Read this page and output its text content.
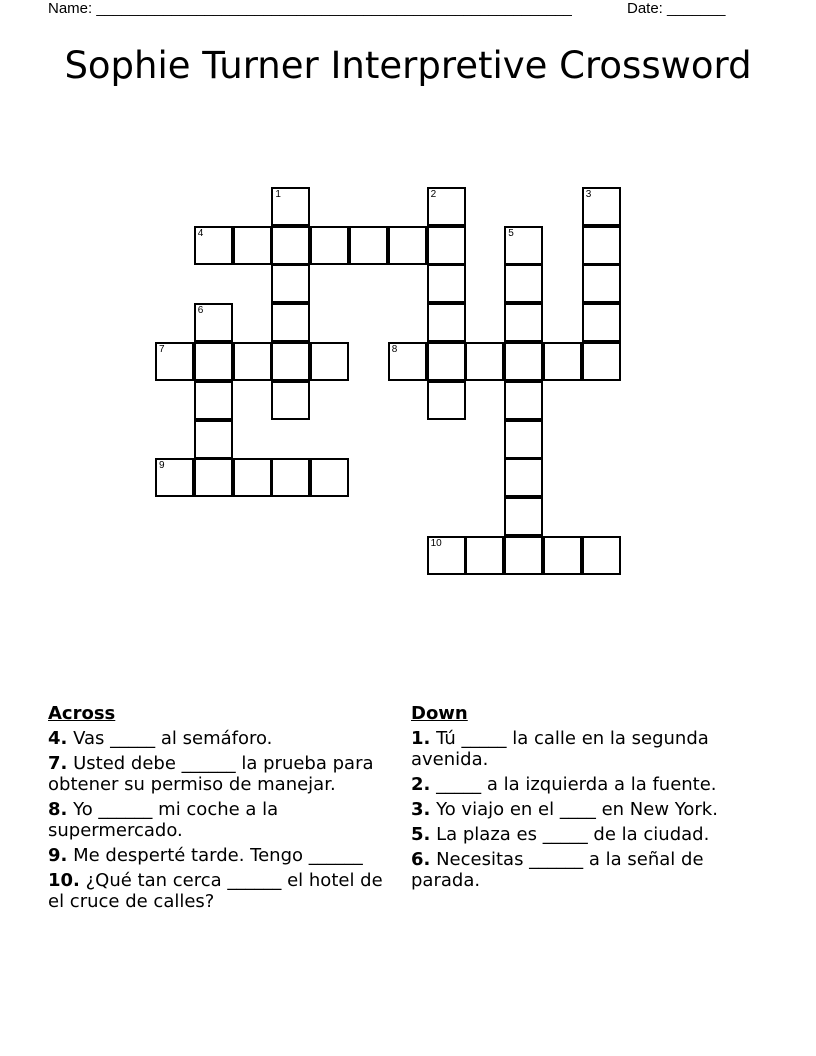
Name: _________________________________________________________	Date: _______
Sophie Turner Interpretive Crossword
1	2	3
4	5
6
7	8
9
10
Across
4. Vas _____ al semáforo.
7. Usted debe ______ la prueba para obtener su permiso de manejar.
8. Yo ______ mi coche a la supermercado.
9. Me desperté tarde. Tengo ______
10. ¿Qué tan cerca ______ el hotel de el cruce de calles?
Down
1. Tú _____ la calle en la segunda avenida.
2. _____ a la izquierda a la fuente.
3. Yo viajo en el ____ en New York.
5. La plaza es _____ de la ciudad.
6. Necesitas ______ a la señal de parada.
